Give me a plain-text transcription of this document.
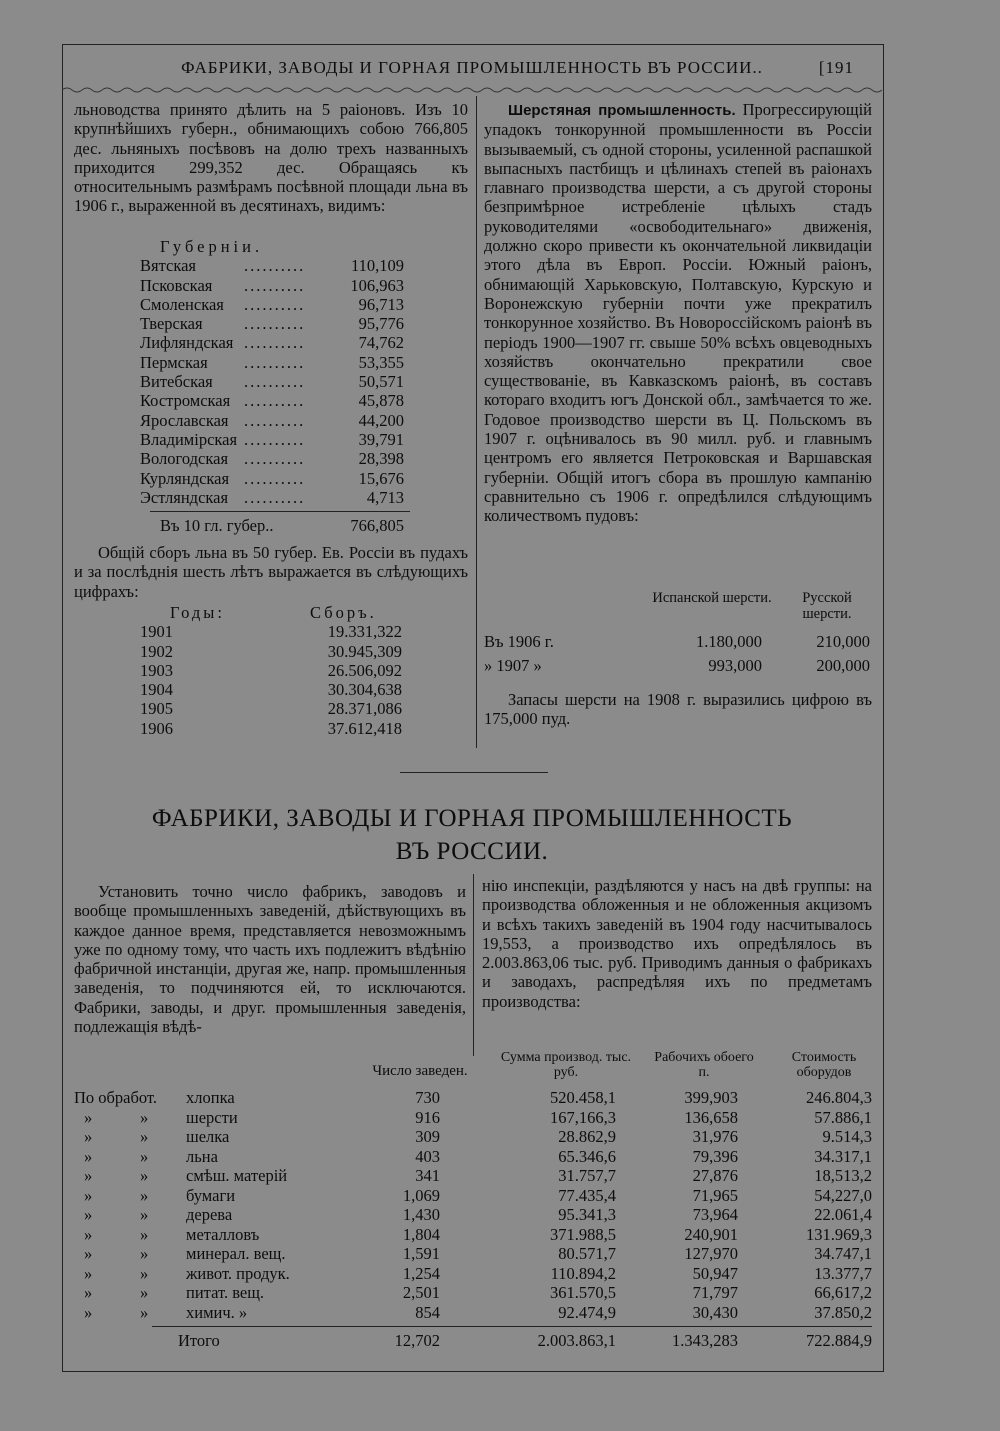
ФАБРИКИ, ЗАВОДЫ И ГОРНАЯ ПРОМЫШЛЕННОСТЬ ВЪ РОССИИ..	[191

льноводства принято дѣлить на 5 раіоновъ. Изъ 10 крупнѣйшихъ губерн., обнимающихъ собою 766,805 дес. льняныхъ посѣвовъ на долю трехъ названныхъ приходится 299,352 дес. Обращаясь къ относительнымъ размѣрамъ посѣвной площади льна въ 1906 г., выраженной въ десятинахъ, видимъ:

Губерніи.
Вятская	..........	110,109
Псковская ..........	106,963
Смоленская ..........	96,713
Тверская	..........	95,776
Лифляндская ..........	74,762
Пермская ..........	53,355
Витебская ..........	50,571
Костромская ..........	45,878
Ярославская ..........	44,200
Владимірская ..........	39,791
Вологодская ..........	28,398
Курляндская ..........	15,676
Эстляндская ..........	4,713
Въ 10 гл. губер..	766,805

Общій сборъ льна въ 50 губер. Ев. Россіи въ пудахъ и за послѣднія шесть лѣтъ выражается въ слѣдующихъ цифрахъ:

Годы:	Сборъ.
1901	19.331,322
1902	30.945,309
1903	26.506,092
1904	30.304,638
1905	28.371,086
1906	37.612,418

Шерстяная промышленность. Прогрессирующій упадокъ тонкорунной промышленности въ Россіи вызываемый, съ одной стороны, усиленной распашкой выпасныхъ пастбищъ и цѣлинахъ степей въ раіонахъ главнаго производства шерсти, а съ другой стороны безпримѣрное истребленіе цѣлыхъ стадъ руководителями «освободительнаго» движенія, должно скоро привести къ окончательной ликвидаціи этого дѣла въ Европ. Россіи. Южный раіонъ, обнимающій Харьковскую, Полтавскую, Курскую и Воронежскую губерніи почти уже прекратилъ тонкорунное хозяйство. Въ Новороссійскомъ раіонѣ въ періодъ 1900—1907 гг. свыше 50% всѣхъ овцеводныхъ хозяйствъ окончательно прекратили свое существованіе, въ Кавказскомъ раіонѣ, въ составъ котораго входитъ югъ Донской обл., замѣчается то же. Годовое производство шерсти въ Ц. Польскомъ въ 1907 г. оцѣнивалось въ 90 милл. руб. и главнымъ центромъ его является Петроковская и Варшавская губерніи. Общій итогъ сбора въ прошлую кампанію сравнительно съ 1906 г. опредѣлился слѣдующимъ количествомъ пудовъ:

Испанской шерсти.	Русской шерсти.
Въ 1906 г.	1.180,000	210,000
» 1907 »	993,000	200,000

Запасы шерсти на 1908 г. выразились цифрою въ 175,000 пуд.

ФАБРИКИ, ЗАВОДЫ И ГОРНАЯ ПРОМЫШЛЕННОСТЬ
ВЪ РОССИИ.

Установить точно число фабрикъ, заводовъ и вообще промышленныхъ заведеній, дѣйствующихъ въ каждое данное время, представляется невозможнымъ уже по одному тому, что часть ихъ подлежитъ вѣдѣнію фабричной инстанціи, другая же, напр. промышленныя заведенія, то подчиняются ей, то исключаются. Фабрики, заводы, и друг. промышленныя заведенія, подлежащія вѣдѣ-

нію инспекціи, раздѣляются у насъ на двѣ группы: на производства обложенныя и не обложенныя акцизомъ и всѣхъ такихъ заведеній въ 1904 году насчитывалось 19,553, а производство ихъ опредѣлялось въ 2.003.863,06 тыс. руб. Приводимъ данныя о фабрикахъ и заводахъ, распредѣляя ихъ по предметамъ производства:

Число заведен.
Сумма производ. тыс. руб.
Рабочихъ обоего п.
Стоимость оборудов
По обработ. хлопка	730	520.458,1	399,903	246.804,3
»	» шерсти	916	167,166,3	136,658	57.886,1
»	» шелка	309	28.862,9	31,976	9.514,3
»	» льна	403	65.346,6	79,396	34.317,1
»	» смѣш. матерій	341	31.757,7	27,876	18,513,2
»	» бумаги	1,069	77.435,4	71,965	54,227,0
»	» дерева	1,430	95.341,3	73,964	22.061,4
»	» металловъ	1,804	371.988,5	240,901	131.969,3
»	» минерал. вещ.	1,591	80.571,7	127,970	34.747,1
»	» живот. продук.	1,254	110.894,2	50,947	13.377,7
»	» питат. вещ.	2,501	361.570,5	71,797	66,617,2
»	» химич. »	854	92.474,9	30,430	37.850,2
Итого	12,702	2.003.863,1	1.343,283	722.884,9
